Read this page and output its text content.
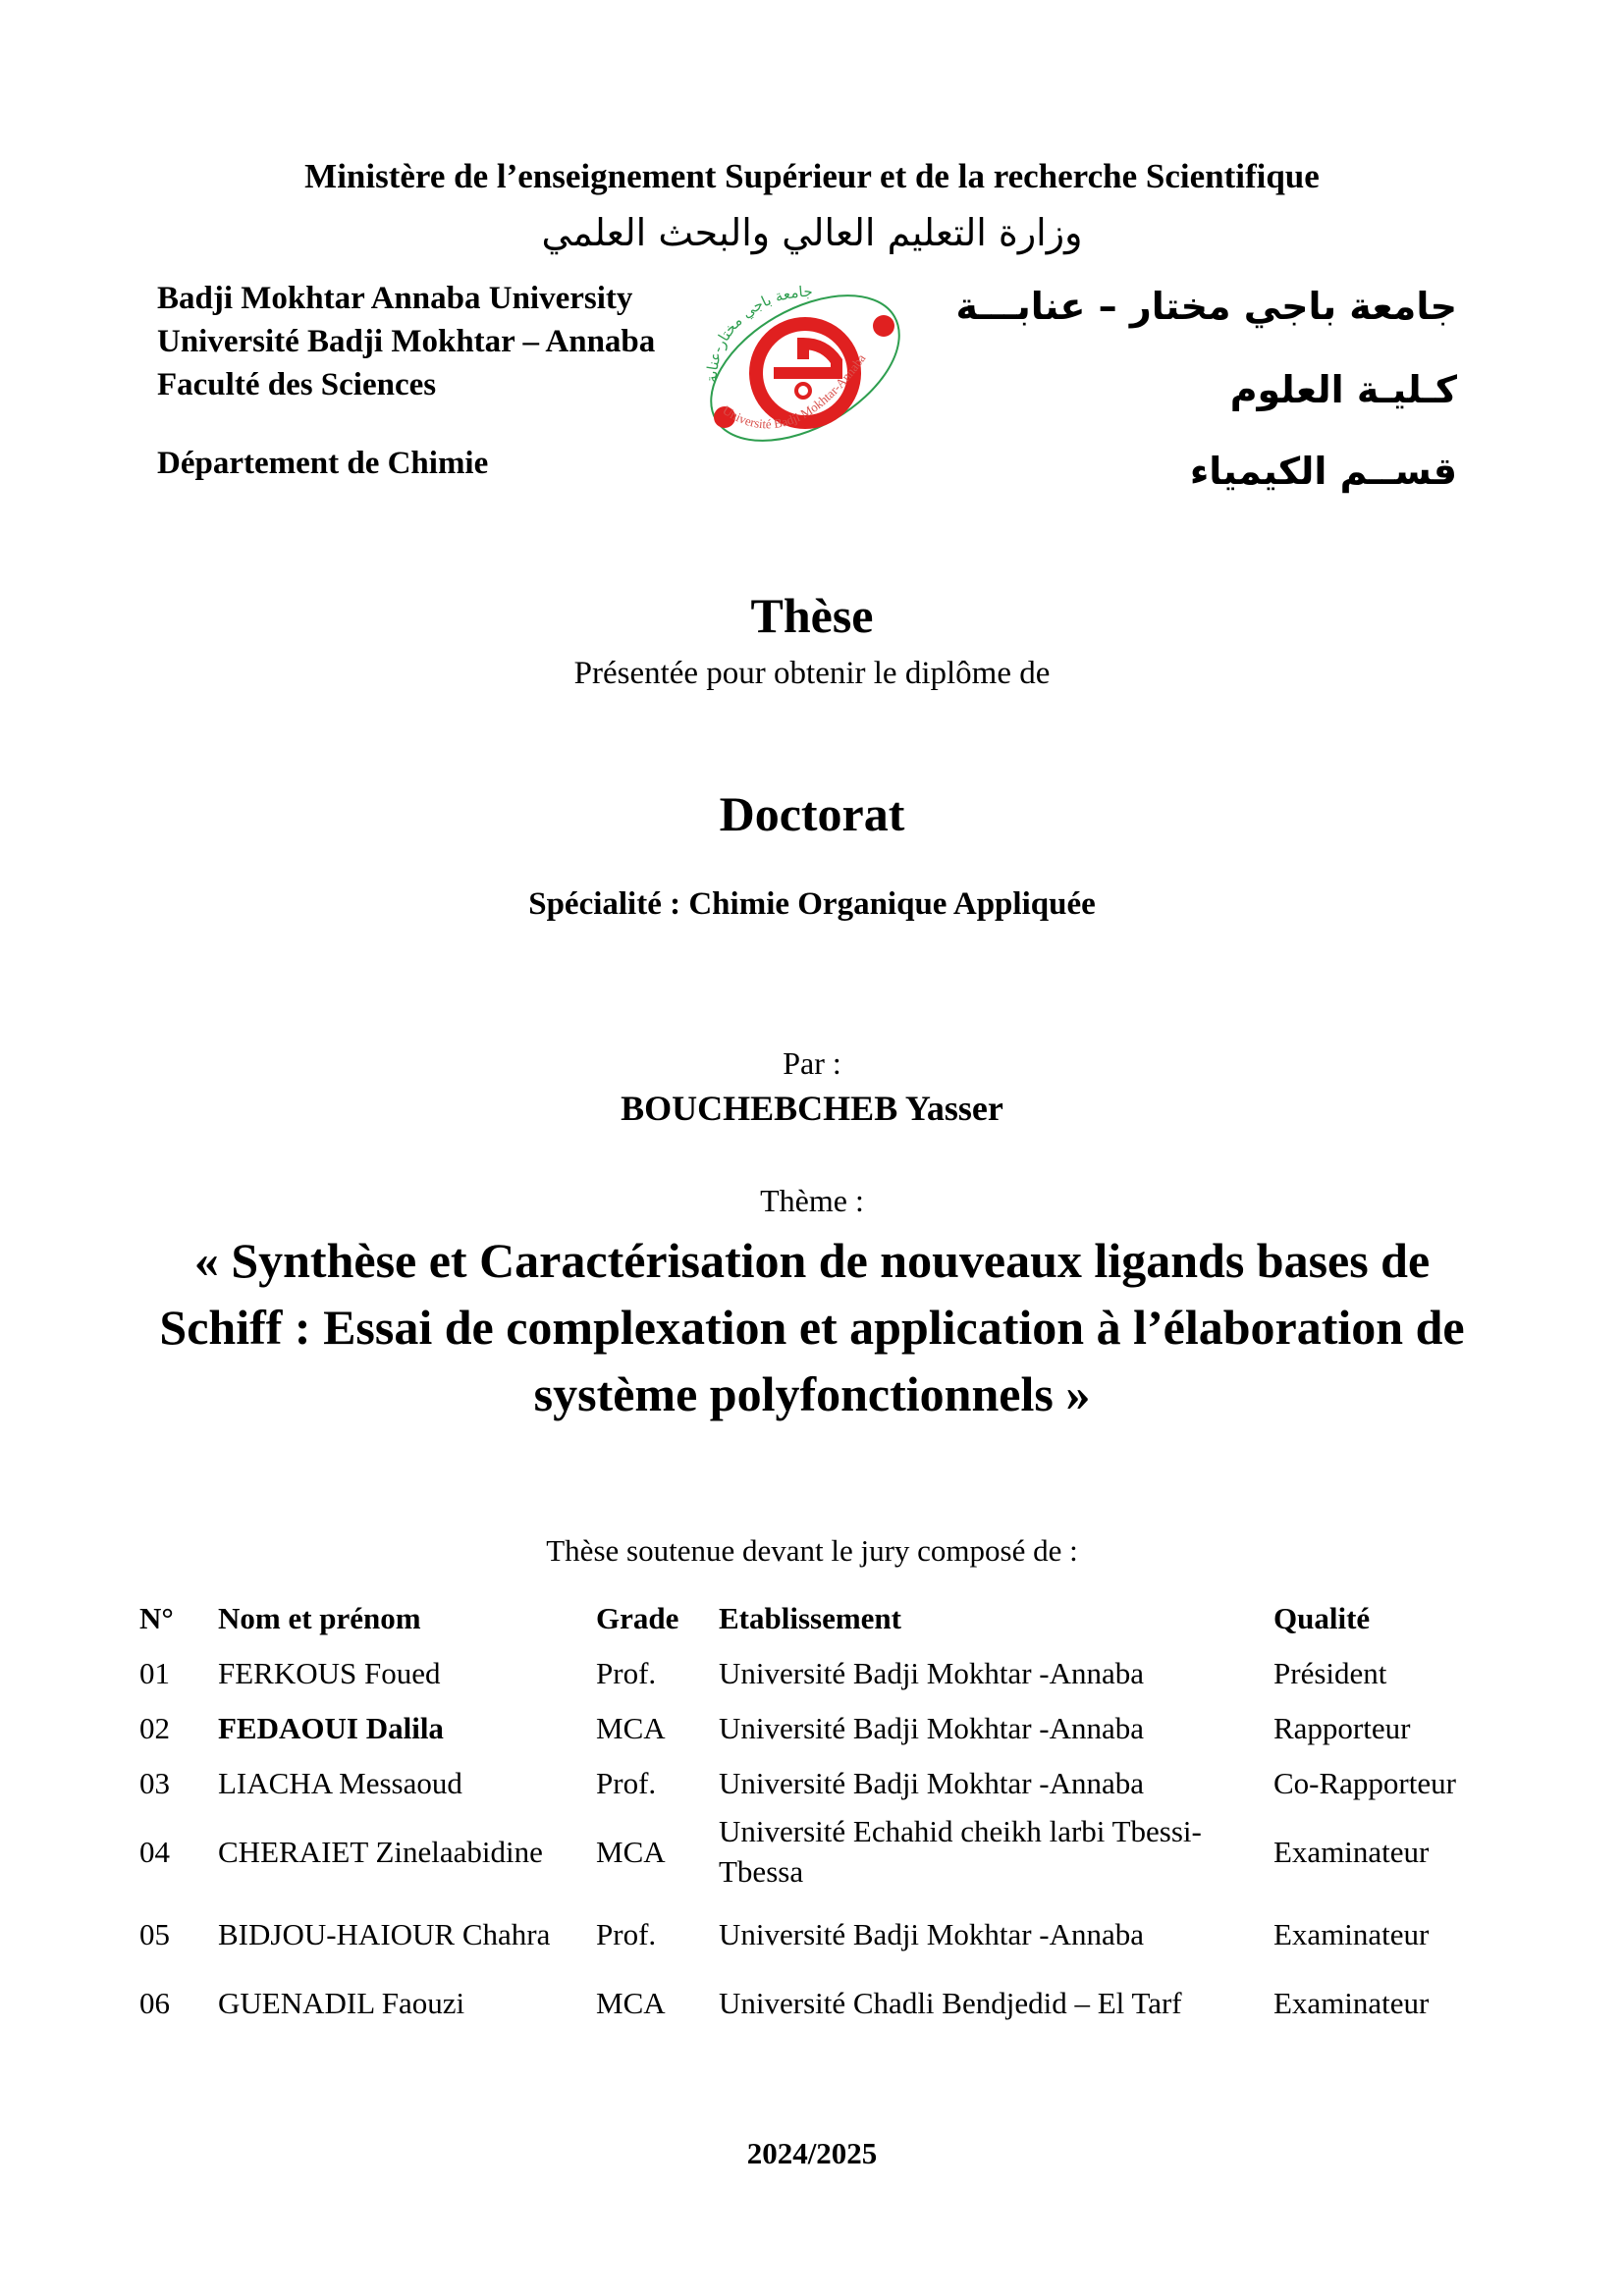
Ministère de l’enseignement Supérieur et de la recherche Scientifique
وزارة التعليم العالي والبحث العلمي
Badji Mokhtar Annaba University
Université Badji Mokhtar – Annaba
Faculté des Sciences
Département de Chimie
جامعة باجي مختار – عنابـــة
كـليـة العلوم
قســم الكيمياء
جامعة باجي مختار-عنابة
Université Badji Mokhtar-Annaba
Thèse
Présentée pour obtenir le diplôme de
Doctorat
Spécialité : Chimie Organique Appliquée
Par :
BOUCHEBCHEB Yasser
Thème :
« Synthèse et Caractérisation de nouveaux ligands bases de Schiff : Essai de complexation et application à l’élaboration de système polyfonctionnels »
Thèse soutenue devant le jury composé de :
N°	Nom et prénom	Grade	Etablissement	Qualité
01	FERKOUS Foued	Prof.	Université Badji Mokhtar -Annaba	Président
02	FEDAOUI Dalila	MCA	Université Badji Mokhtar -Annaba	Rapporteur
03	LIACHA Messaoud	Prof.	Université Badji Mokhtar -Annaba	Co-Rapporteur
04	CHERAIET Zinelaabidine	MCA	Université Echahid cheikh larbi Tbessi-Tbessa	Examinateur
05	BIDJOU-HAIOUR Chahra	Prof.	Université Badji Mokhtar -Annaba	Examinateur
06	GUENADIL Faouzi	MCA	Université Chadli Bendjedid – El Tarf	Examinateur
2024/2025
